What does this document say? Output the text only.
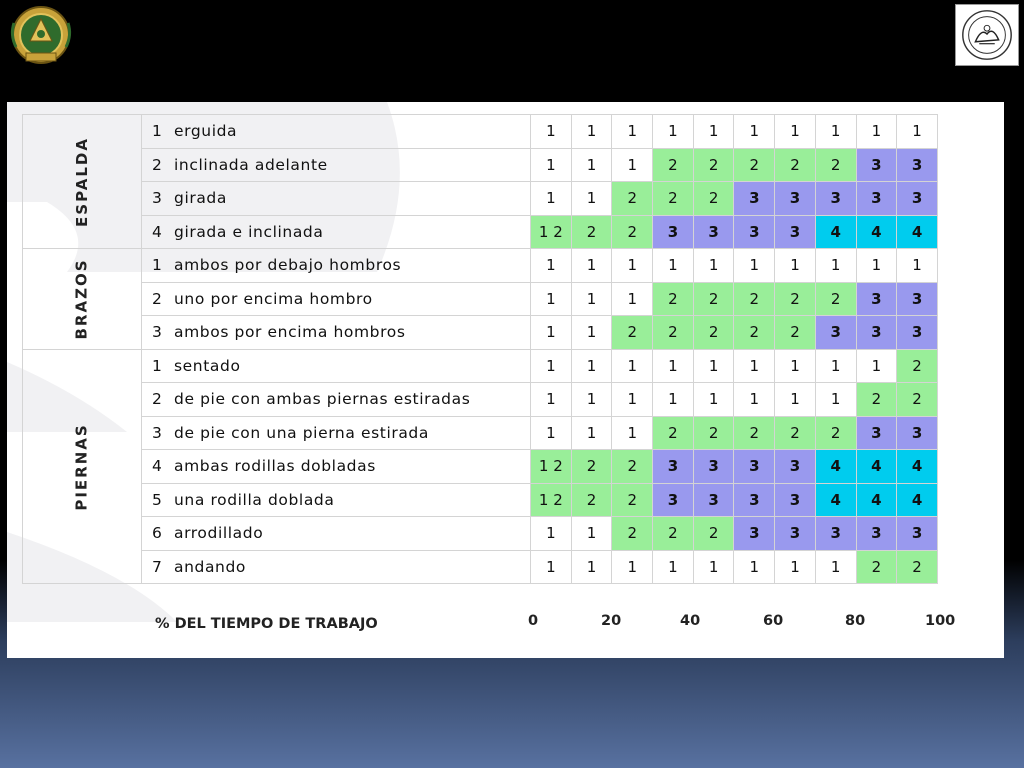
ESPALDA	1 erguida	1	1	1	1	1	1	1	1	1	1
	2 inclinada adelante	1	1	1	2	2	2	2	2	3	3
	3 girada	1	1	2	2	2	3	3	3	3	3
	4 girada e inclinada	1 2	2	2	3	3	3	3	4	4	4
BRAZOS	1 ambos por debajo hombros	1	1	1	1	1	1	1	1	1	1
	2 uno por encima hombro	1	1	1	2	2	2	2	2	3	3
	3 ambos por encima hombros	1	1	2	2	2	2	2	3	3	3
PIERNAS	1 sentado	1	1	1	1	1	1	1	1	1	2
	2 de pie con ambas piernas estiradas	1	1	1	1	1	1	1	1	2	2
	3 de pie con una pierna estirada	1	1	1	2	2	2	2	2	3	3
	4 ambas rodillas dobladas	1 2	2	2	3	3	3	3	4	4	4
	5 una rodilla doblada	1 2	2	2	3	3	3	3	4	4	4
	6 arrodillado	1	1	2	2	2	3	3	3	3	3
	7 andando	1	1	1	1	1	1	1	1	2	2
% DEL TIEMPO DE TRABAJO	0	20	40	60	80	100
